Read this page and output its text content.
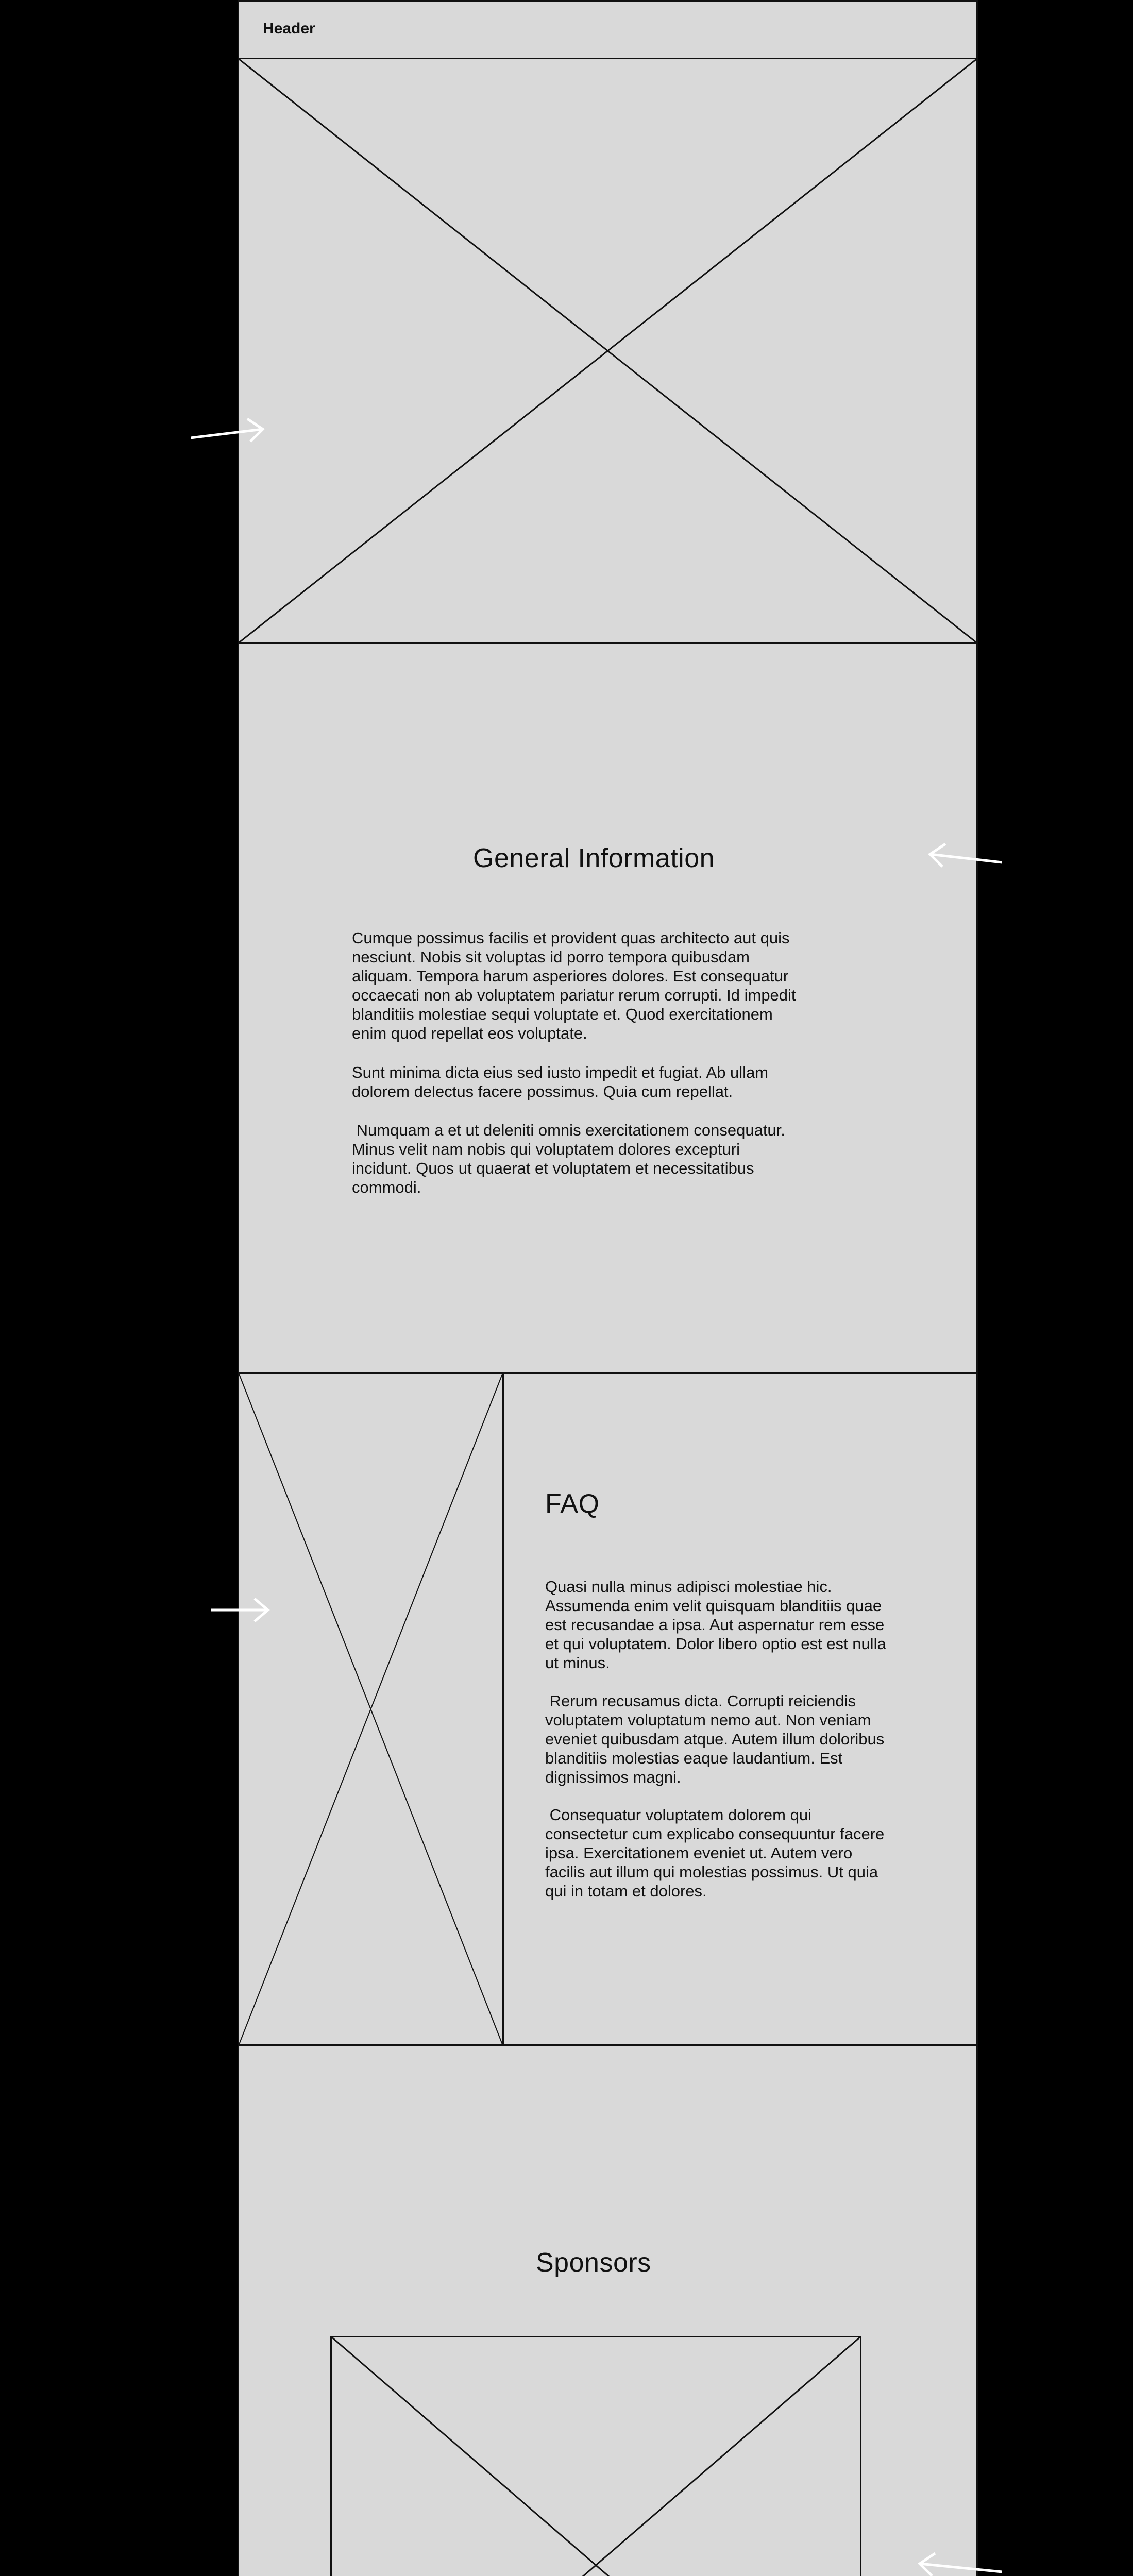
Header
General Information

Cumque possimus facilis et provident quas architecto aut quis
nesciunt. Nobis sit voluptas id porro tempora quibusdam
aliquam. Tempora harum asperiores dolores. Est consequatur
occaecati non ab voluptatem pariatur rerum corrupti. Id impedit
blanditiis molestiae sequi voluptate et. Quod exercitationem
enim quod repellat eos voluptate.

Sunt minima dicta eius sed iusto impedit et fugiat. Ab ullam
dolorem delectus facere possimus. Quia cum repellat.

Numquam a et ut deleniti omnis exercitationem consequatur.
Minus velit nam nobis qui voluptatem dolores excepturi
incidunt. Quos ut quaerat et voluptatem et necessitatibus
commodi.

FAQ

Quasi nulla minus adipisci molestiae hic.
Assumenda enim velit quisquam blanditiis quae
est recusandae a ipsa. Aut aspernatur rem esse
et qui voluptatem. Dolor libero optio est est nulla
ut minus.

Rerum recusamus dicta. Corrupti reiciendis
voluptatem voluptatum nemo aut. Non veniam
eveniet quibusdam atque. Autem illum doloribus
blanditiis molestias eaque laudantium. Est
dignissimos magni.

Consequatur voluptatem dolorem qui
consectetur cum explicabo consequuntur facere
ipsa. Exercitationem eveniet ut. Autem vero
facilis aut illum qui molestias possimus. Ut quia
qui in totam et dolores.

Sponsors
